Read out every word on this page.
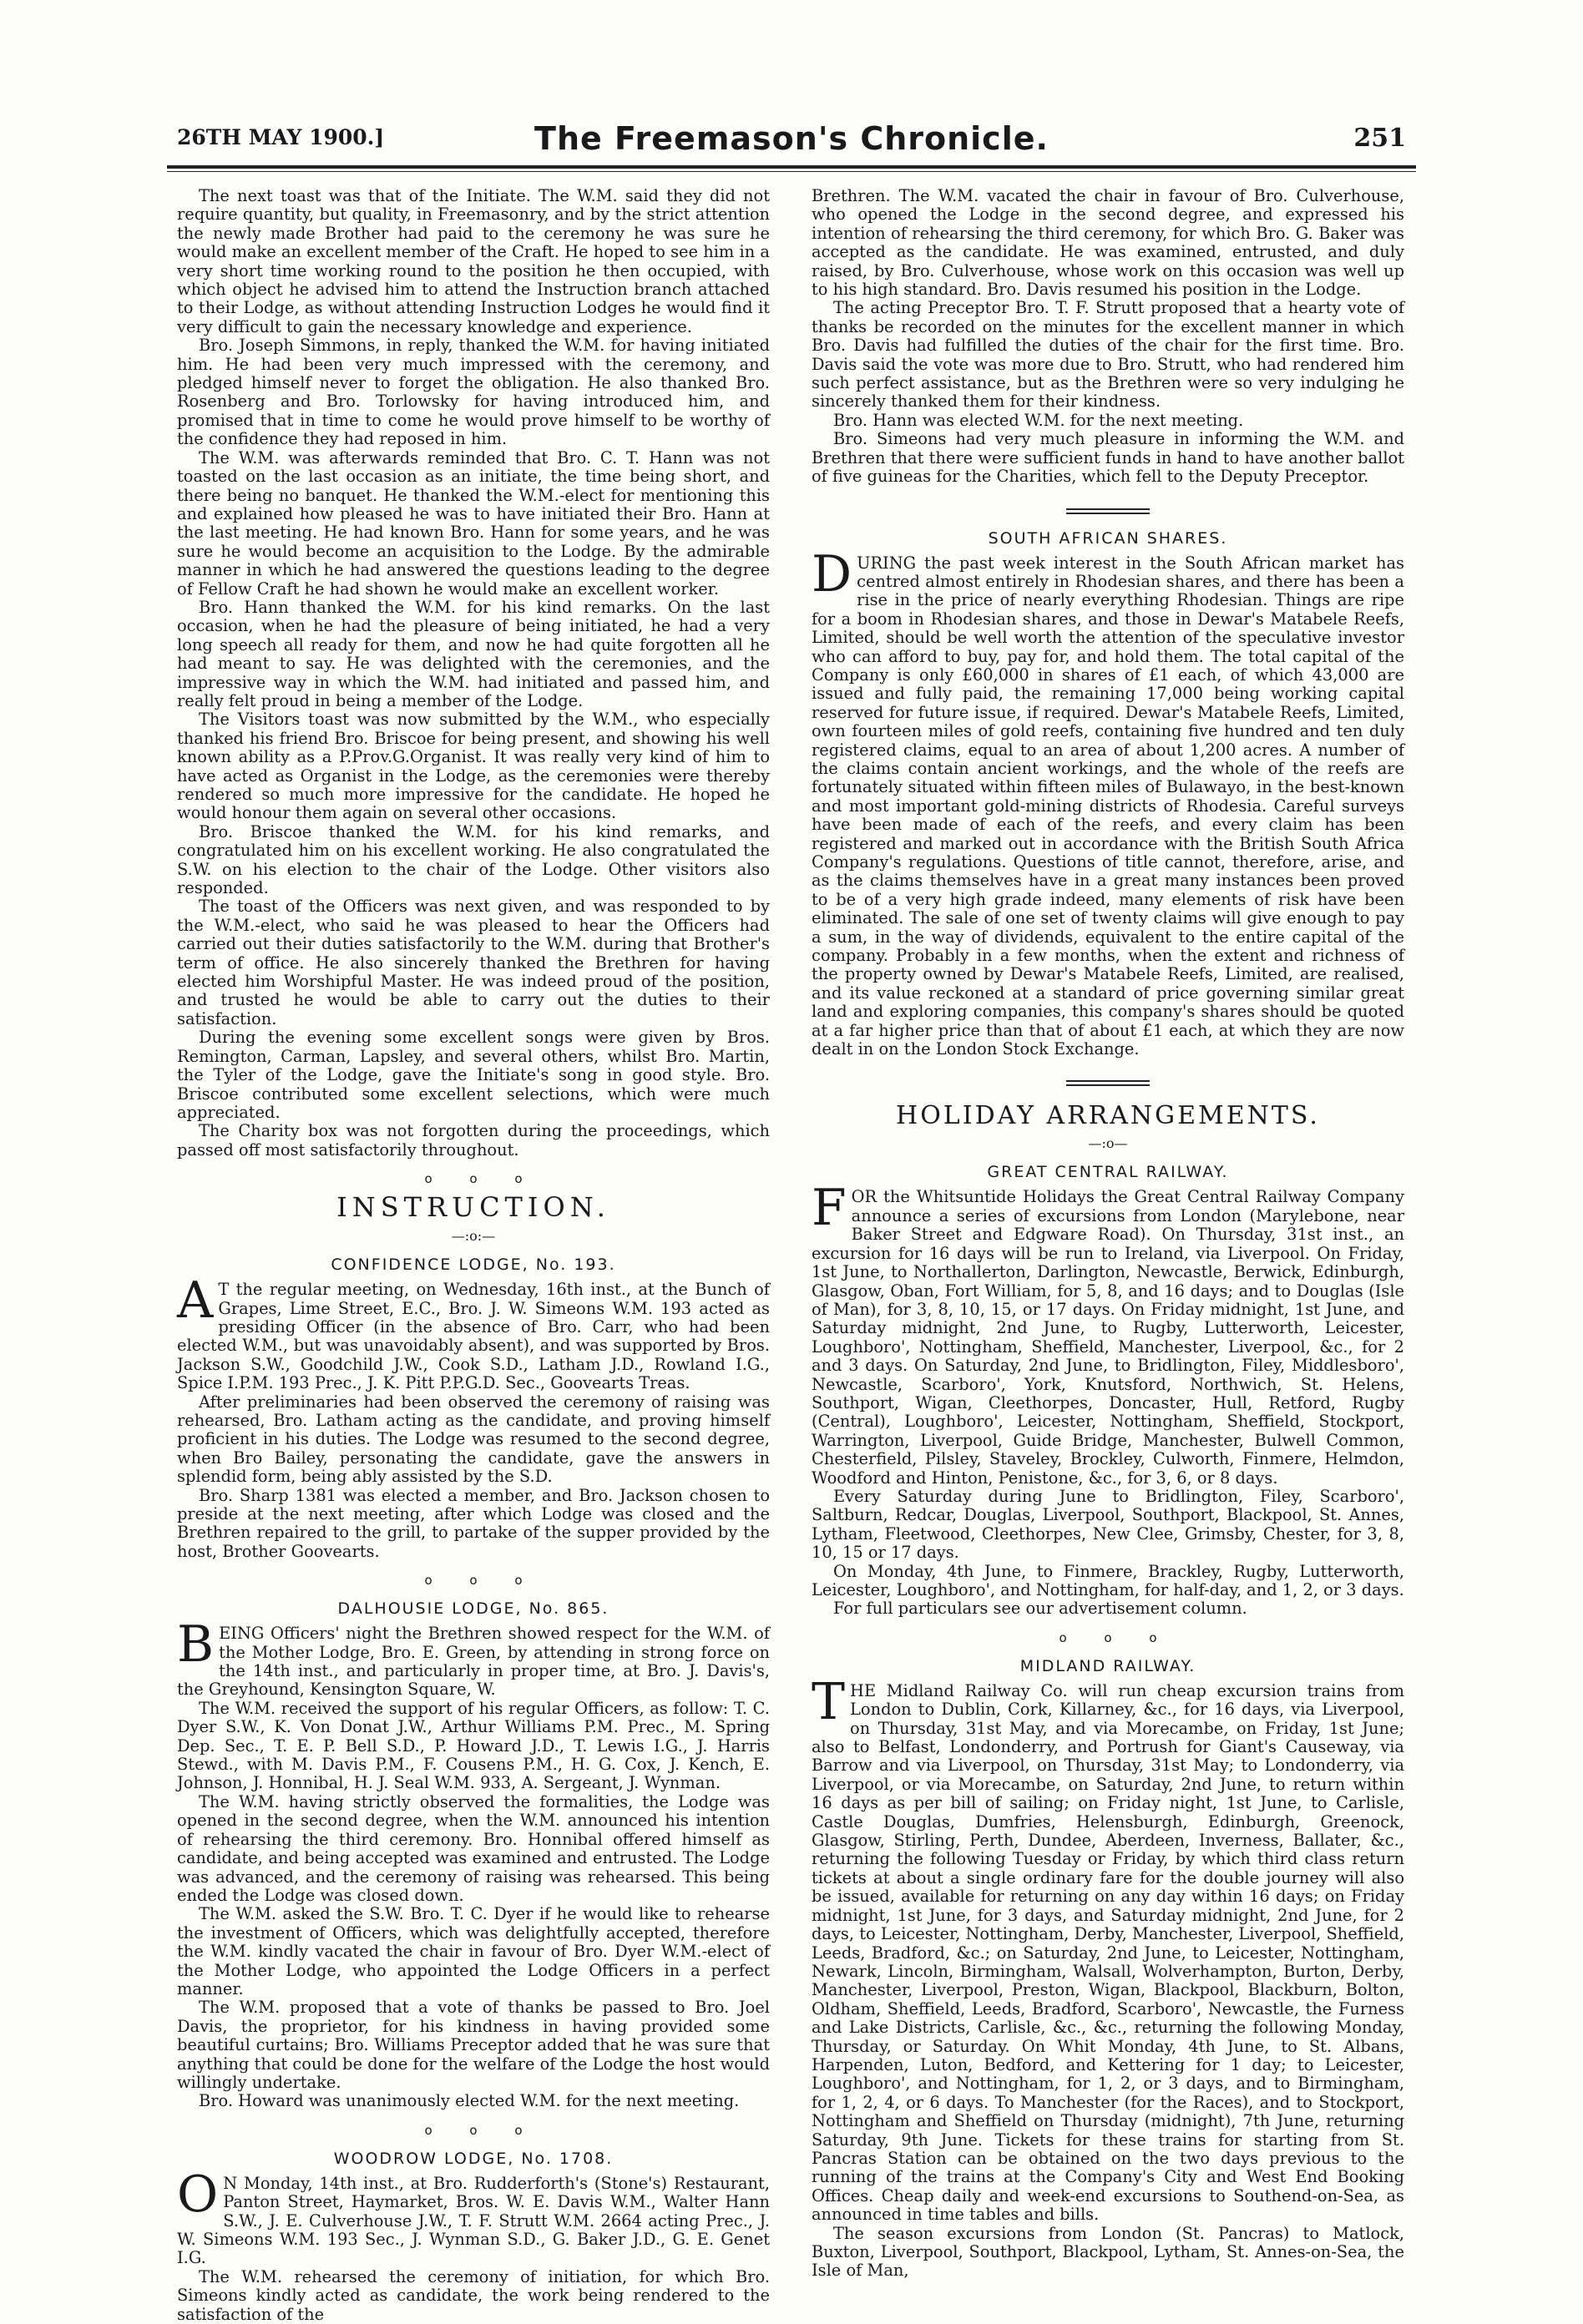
26TH MAY 1900.]	The Freemason's Chronicle.	251

The next toast was that of the Initiate. The W.M. said they did not require quantity, but quality, in Freemasonry, and by the strict attention the newly made Brother had paid to the ceremony he was sure he would make an excellent member of the Craft. He hoped to see him in a very short time working round to the position he then occupied, with which object he advised him to attend the Instruction branch attached to their Lodge, as without attending Instruction Lodges he would find it very difficult to gain the necessary knowledge and experience.

Bro. Joseph Simmons, in reply, thanked the W.M. for having initiated him. He had been very much impressed with the ceremony, and pledged himself never to forget the obligation. He also thanked Bro. Rosenberg and Bro. Torlowsky for having introduced him, and promised that in time to come he would prove himself to be worthy of the confidence they had reposed in him.

The W.M. was afterwards reminded that Bro. C. T. Hann was not toasted on the last occasion as an initiate, the time being short, and there being no banquet. He thanked the W.M.-elect for mentioning this and explained how pleased he was to have initiated their Bro. Hann at the last meeting. He had known Bro. Hann for some years, and he was sure he would become an acquisition to the Lodge. By the admirable manner in which he had answered the questions leading to the degree of Fellow Craft he had shown he would make an excellent worker.

Bro. Hann thanked the W.M. for his kind remarks. On the last occasion, when he had the pleasure of being initiated, he had a very long speech all ready for them, and now he had quite forgotten all he had meant to say. He was delighted with the ceremonies, and the impressive way in which the W.M. had initiated and passed him, and really felt proud in being a member of the Lodge.

The Visitors toast was now submitted by the W.M., who especially thanked his friend Bro. Briscoe for being present, and showing his well known ability as a P.Prov.G.Organist. It was really very kind of him to have acted as Organist in the Lodge, as the ceremonies were thereby rendered so much more impressive for the candidate. He hoped he would honour them again on several other occasions.

Bro. Briscoe thanked the W.M. for his kind remarks, and congratulated him on his excellent working. He also congratulated the S.W. on his election to the chair of the Lodge. Other visitors also responded.

The toast of the Officers was next given, and was responded to by the W.M.-elect, who said he was pleased to hear the Officers had carried out their duties satisfactorily to the W.M. during that Brother's term of office. He also sincerely thanked the Brethren for having elected him Worshipful Master. He was indeed proud of the position, and trusted he would be able to carry out the duties to their satisfaction.

During the evening some excellent songs were given by Bros. Remington, Carman, Lapsley, and several others, whilst Bro. Martin, the Tyler of the Lodge, gave the Initiate's song in good style. Bro. Briscoe contributed some excellent selections, which were much appreciated.

The Charity box was not forgotten during the proceedings, which passed off most satisfactorily throughout.

o o o
INSTRUCTION.
—:o:—
CONFIDENCE LODGE, No. 193.

AT the regular meeting, on Wednesday, 16th inst., at the Bunch of Grapes, Lime Street, E.C., Bro. J. W. Simeons W.M. 193 acted as presiding Officer (in the absence of Bro. Carr, who had been elected W.M., but was unavoidably absent), and was supported by Bros. Jackson S.W., Goodchild J.W., Cook S.D., Latham J.D., Rowland I.G., Spice I.P.M. 193 Prec., J. K. Pitt P.P.G.D. Sec., Goovearts Treas.

After preliminaries had been observed the ceremony of raising was rehearsed, Bro. Latham acting as the candidate, and proving himself proficient in his duties. The Lodge was resumed to the second degree, when Bro Bailey, personating the candidate, gave the answers in splendid form, being ably assisted by the S.D.

Bro. Sharp 1381 was elected a member, and Bro. Jackson chosen to preside at the next meeting, after which Lodge was closed and the Brethren repaired to the grill, to partake of the supper provided by the host, Brother Goovearts.

o o o
DALHOUSIE LODGE, No. 865.

BEING Officers' night the Brethren showed respect for the W.M. of the Mother Lodge, Bro. E. Green, by attending in strong force on the 14th inst., and particularly in proper time, at Bro. J. Davis's, the Greyhound, Kensington Square, W.

The W.M. received the support of his regular Officers, as follow: T. C. Dyer S.W., K. Von Donat J.W., Arthur Williams P.M. Prec., M. Spring Dep. Sec., T. E. P. Bell S.D., P. Howard J.D., T. Lewis I.G., J. Harris Stewd., with M. Davis P.M., F. Cousens P.M., H. G. Cox, J. Kench, E. Johnson, J. Honnibal, H. J. Seal W.M. 933, A. Sergeant, J. Wynman.

The W.M. having strictly observed the formalities, the Lodge was opened in the second degree, when the W.M. announced his intention of rehearsing the third ceremony. Bro. Honnibal offered himself as candidate, and being accepted was examined and entrusted. The Lodge was advanced, and the ceremony of raising was rehearsed. This being ended the Lodge was closed down.

The W.M. asked the S.W. Bro. T. C. Dyer if he would like to rehearse the investment of Officers, which was delightfully accepted, therefore the W.M. kindly vacated the chair in favour of Bro. Dyer W.M.-elect of the Mother Lodge, who appointed the Lodge Officers in a perfect manner.

The W.M. proposed that a vote of thanks be passed to Bro. Joel Davis, the proprietor, for his kindness in having provided some beautiful curtains; Bro. Williams Preceptor added that he was sure that anything that could be done for the welfare of the Lodge the host would willingly undertake.

Bro. Howard was unanimously elected W.M. for the next meeting.

o o o
WOODROW LODGE, No. 1708.

ON Monday, 14th inst., at Bro. Rudderforth's (Stone's) Restaurant, Panton Street, Haymarket, Bros. W. E. Davis W.M., Walter Hann S.W., J. E. Culverhouse J.W., T. F. Strutt W.M. 2664 acting Prec., J. W. Simeons W.M. 193 Sec., J. Wynman S.D., G. Baker J.D., G. E. Genet I.G.

The W.M. rehearsed the ceremony of initiation, for which Bro. Simeons kindly acted as candidate, the work being rendered to the satisfaction of the

Brethren. The W.M. vacated the chair in favour of Bro. Culverhouse, who opened the Lodge in the second degree, and expressed his intention of rehearsing the third ceremony, for which Bro. G. Baker was accepted as the candidate. He was examined, entrusted, and duly raised, by Bro. Culverhouse, whose work on this occasion was well up to his high standard. Bro. Davis resumed his position in the Lodge.

The acting Preceptor Bro. T. F. Strutt proposed that a hearty vote of thanks be recorded on the minutes for the excellent manner in which Bro. Davis had fulfilled the duties of the chair for the first time. Bro. Davis said the vote was more due to Bro. Strutt, who had rendered him such perfect assistance, but as the Brethren were so very indulging he sincerely thanked them for their kindness.

Bro. Hann was elected W.M. for the next meeting.

Bro. Simeons had very much pleasure in informing the W.M. and Brethren that there were sufficient funds in hand to have another ballot of five guineas for the Charities, which fell to the Deputy Preceptor.

SOUTH AFRICAN SHARES.

DURING the past week interest in the South African market has centred almost entirely in Rhodesian shares, and there has been a rise in the price of nearly everything Rhodesian. Things are ripe for a boom in Rhodesian shares, and those in Dewar's Matabele Reefs, Limited, should be well worth the attention of the speculative investor who can afford to buy, pay for, and hold them. The total capital of the Company is only £60,000 in shares of £1 each, of which 43,000 are issued and fully paid, the remaining 17,000 being working capital reserved for future issue, if required. Dewar's Matabele Reefs, Limited, own fourteen miles of gold reefs, containing five hundred and ten duly registered claims, equal to an area of about 1,200 acres. A number of the claims contain ancient workings, and the whole of the reefs are fortunately situated within fifteen miles of Bulawayo, in the best-known and most important gold-mining districts of Rhodesia. Careful surveys have been made of each of the reefs, and every claim has been registered and marked out in accordance with the British South Africa Company's regulations. Questions of title cannot, therefore, arise, and as the claims themselves have in a great many instances been proved to be of a very high grade indeed, many elements of risk have been eliminated. The sale of one set of twenty claims will give enough to pay a sum, in the way of dividends, equivalent to the entire capital of the company. Probably in a few months, when the extent and richness of the property owned by Dewar's Matabele Reefs, Limited, are realised, and its value reckoned at a standard of price governing similar great land and exploring companies, this company's shares should be quoted at a far higher price than that of about £1 each, at which they are now dealt in on the London Stock Exchange.

HOLIDAY ARRANGEMENTS.
—:o—
GREAT CENTRAL RAILWAY.

FOR the Whitsuntide Holidays the Great Central Railway Company announce a series of excursions from London (Marylebone, near Baker Street and Edgware Road). On Thursday, 31st inst., an excursion for 16 days will be run to Ireland, via Liverpool. On Friday, 1st June, to Northallerton, Darlington, Newcastle, Berwick, Edinburgh, Glasgow, Oban, Fort William, for 5, 8, and 16 days; and to Douglas (Isle of Man), for 3, 8, 10, 15, or 17 days. On Friday midnight, 1st June, and Saturday midnight, 2nd June, to Rugby, Lutterworth, Leicester, Loughboro', Nottingham, Sheffield, Manchester, Liverpool, &c., for 2 and 3 days. On Saturday, 2nd June, to Bridlington, Filey, Middlesboro', Newcastle, Scarboro', York, Knutsford, Northwich, St. Helens, Southport, Wigan, Cleethorpes, Doncaster, Hull, Retford, Rugby (Central), Loughboro', Leicester, Nottingham, Sheffield, Stockport, Warrington, Liverpool, Guide Bridge, Manchester, Bulwell Common, Chesterfield, Pilsley, Staveley, Brockley, Culworth, Finmere, Helmdon, Woodford and Hinton, Penistone, &c., for 3, 6, or 8 days.

Every Saturday during June to Bridlington, Filey, Scarboro', Saltburn, Redcar, Douglas, Liverpool, Southport, Blackpool, St. Annes, Lytham, Fleetwood, Cleethorpes, New Clee, Grimsby, Chester, for 3, 8, 10, 15 or 17 days.

On Monday, 4th June, to Finmere, Brackley, Rugby, Lutterworth, Leicester, Loughboro', and Nottingham, for half-day, and 1, 2, or 3 days.

For full particulars see our advertisement column.

o o o
MIDLAND RAILWAY.

THE Midland Railway Co. will run cheap excursion trains from London to Dublin, Cork, Killarney, &c., for 16 days, via Liverpool, on Thursday, 31st May, and via Morecambe, on Friday, 1st June; also to Belfast, Londonderry, and Portrush for Giant's Causeway, via Barrow and via Liverpool, on Thursday, 31st May; to Londonderry, via Liverpool, or via Morecambe, on Saturday, 2nd June, to return within 16 days as per bill of sailing; on Friday night, 1st June, to Carlisle, Castle Douglas, Dumfries, Helensburgh, Edinburgh, Greenock, Glasgow, Stirling, Perth, Dundee, Aberdeen, Inverness, Ballater, &c., returning the following Tuesday or Friday, by which third class return tickets at about a single ordinary fare for the double journey will also be issued, available for returning on any day within 16 days; on Friday midnight, 1st June, for 3 days, and Saturday midnight, 2nd June, for 2 days, to Leicester, Nottingham, Derby, Manchester, Liverpool, Sheffield, Leeds, Bradford, &c.; on Saturday, 2nd June, to Leicester, Nottingham, Newark, Lincoln, Birmingham, Walsall, Wolverhampton, Burton, Derby, Manchester, Liverpool, Preston, Wigan, Blackpool, Blackburn, Bolton, Oldham, Sheffield, Leeds, Bradford, Scarboro', Newcastle, the Furness and Lake Districts, Carlisle, &c., &c., returning the following Monday, Thursday, or Saturday. On Whit Monday, 4th June, to St. Albans, Harpenden, Luton, Bedford, and Kettering for 1 day; to Leicester, Loughboro', and Nottingham, for 1, 2, or 3 days, and to Birmingham, for 1, 2, 4, or 6 days. To Manchester (for the Races), and to Stockport, Nottingham and Sheffield on Thursday (midnight), 7th June, returning Saturday, 9th June. Tickets for these trains for starting from St. Pancras Station can be obtained on the two days previous to the running of the trains at the Company's City and West End Booking Offices. Cheap daily and week-end excursions to Southend-on-Sea, as announced in time tables and bills.

The season excursions from London (St. Pancras) to Matlock, Buxton, Liverpool, Southport, Blackpool, Lytham, St. Annes-on-Sea, the Isle of Man,
